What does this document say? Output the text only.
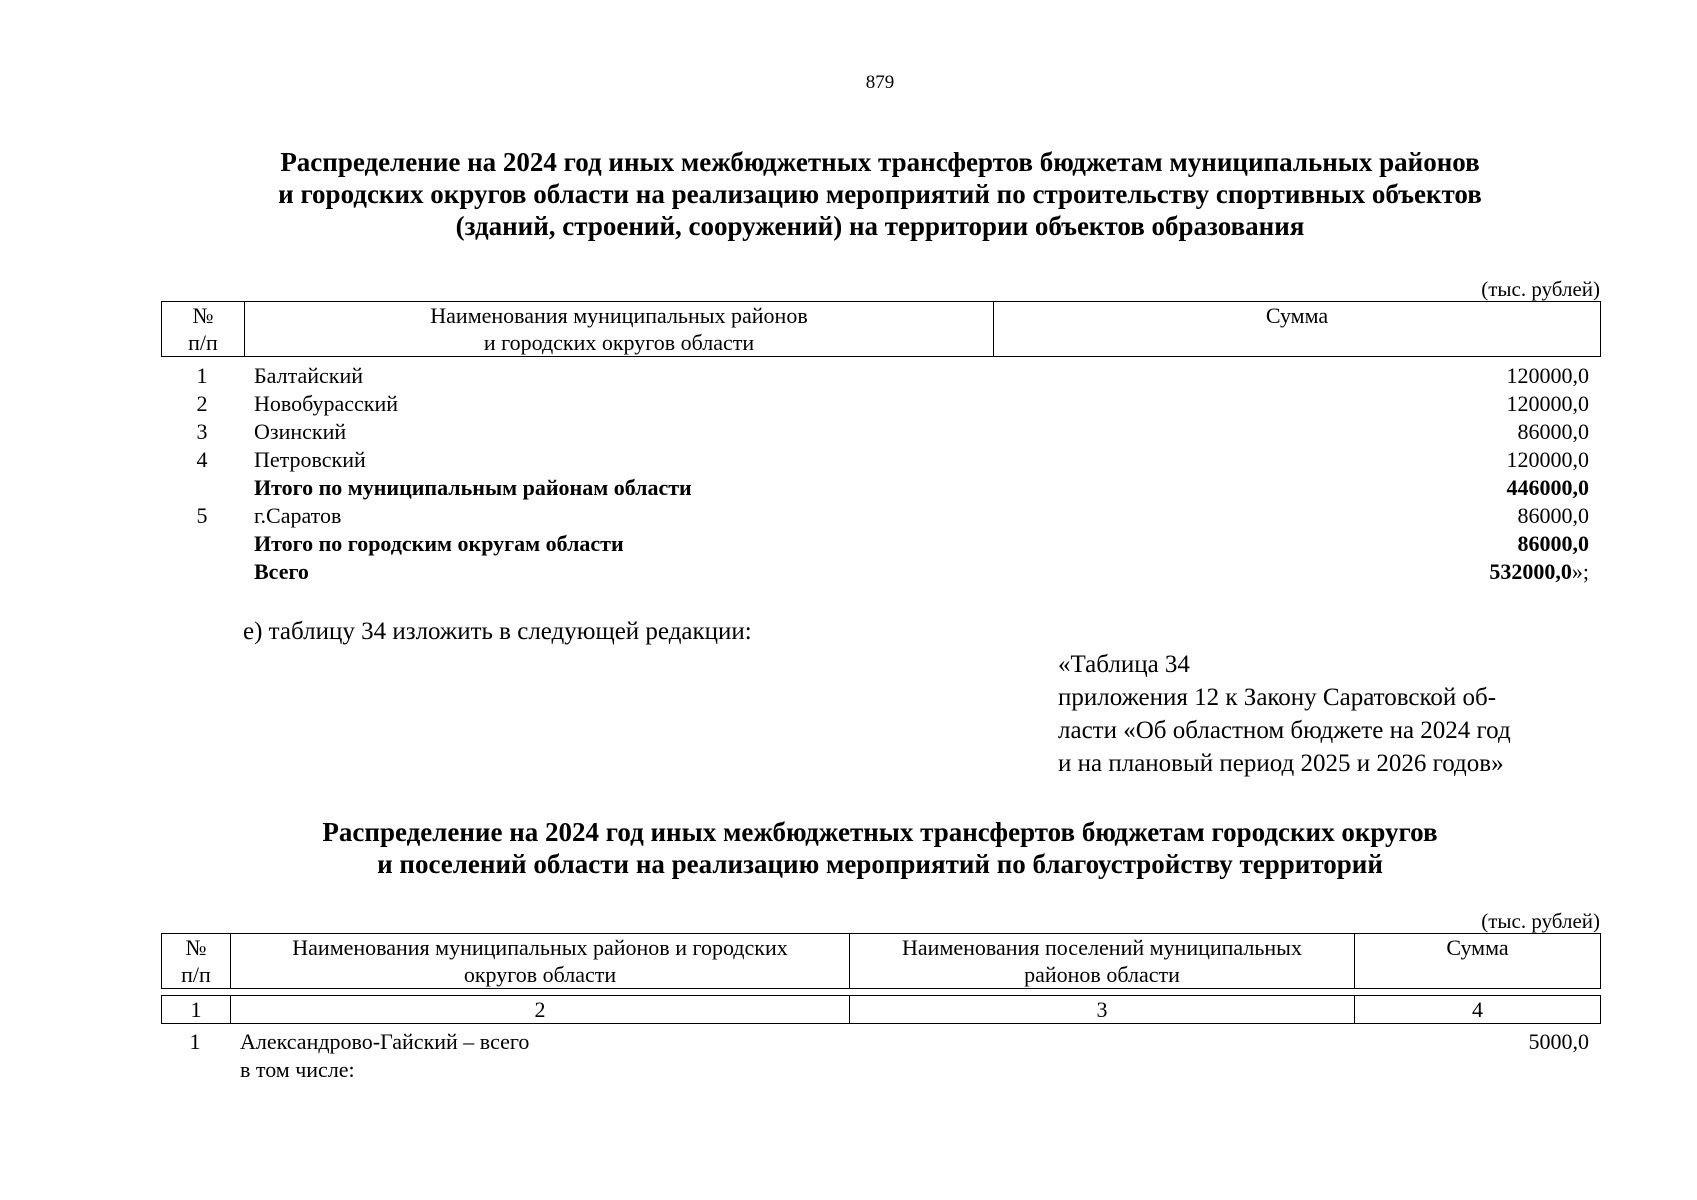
879
Распределение на 2024 год иных межбюджетных трансфертов бюджетам муниципальных районов
и городских округов области на реализацию мероприятий по строительству спортивных объектов
(зданий, строений, сооружений) на территории объектов образования
(тыс. рублей)
№
п/п

Наименования муниципальных районов
и городских округов области

Сумма

1	Балтайский	120000,0
2	Новобурасский	120000,0
3	Озинский	86000,0
4	Петровский	120000,0
	Итого по муниципальным районам области	446000,0
5	г.Саратов	86000,0
	Итого по городским округам области	86000,0
	Всего	532000,0»;
е) таблицу 34 изложить в следующей редакции:
«Таблица 34
приложения 12 к Закону Саратовской об-
ласти «Об областном бюджете на 2024 год
и на плановый период 2025 и 2026 годов»
Распределение на 2024 год иных межбюджетных трансфертов бюджетам городских округов
и поселений области на реализацию мероприятий по благоустройству территорий
(тыс. рублей)
№
п/п

Наименования муниципальных районов и городских
округов области

Наименования поселений муниципальных
районов области

Сумма

1	2	3	4
1	Александрово-Гайский – всего	5000,0
	в том числе:	
